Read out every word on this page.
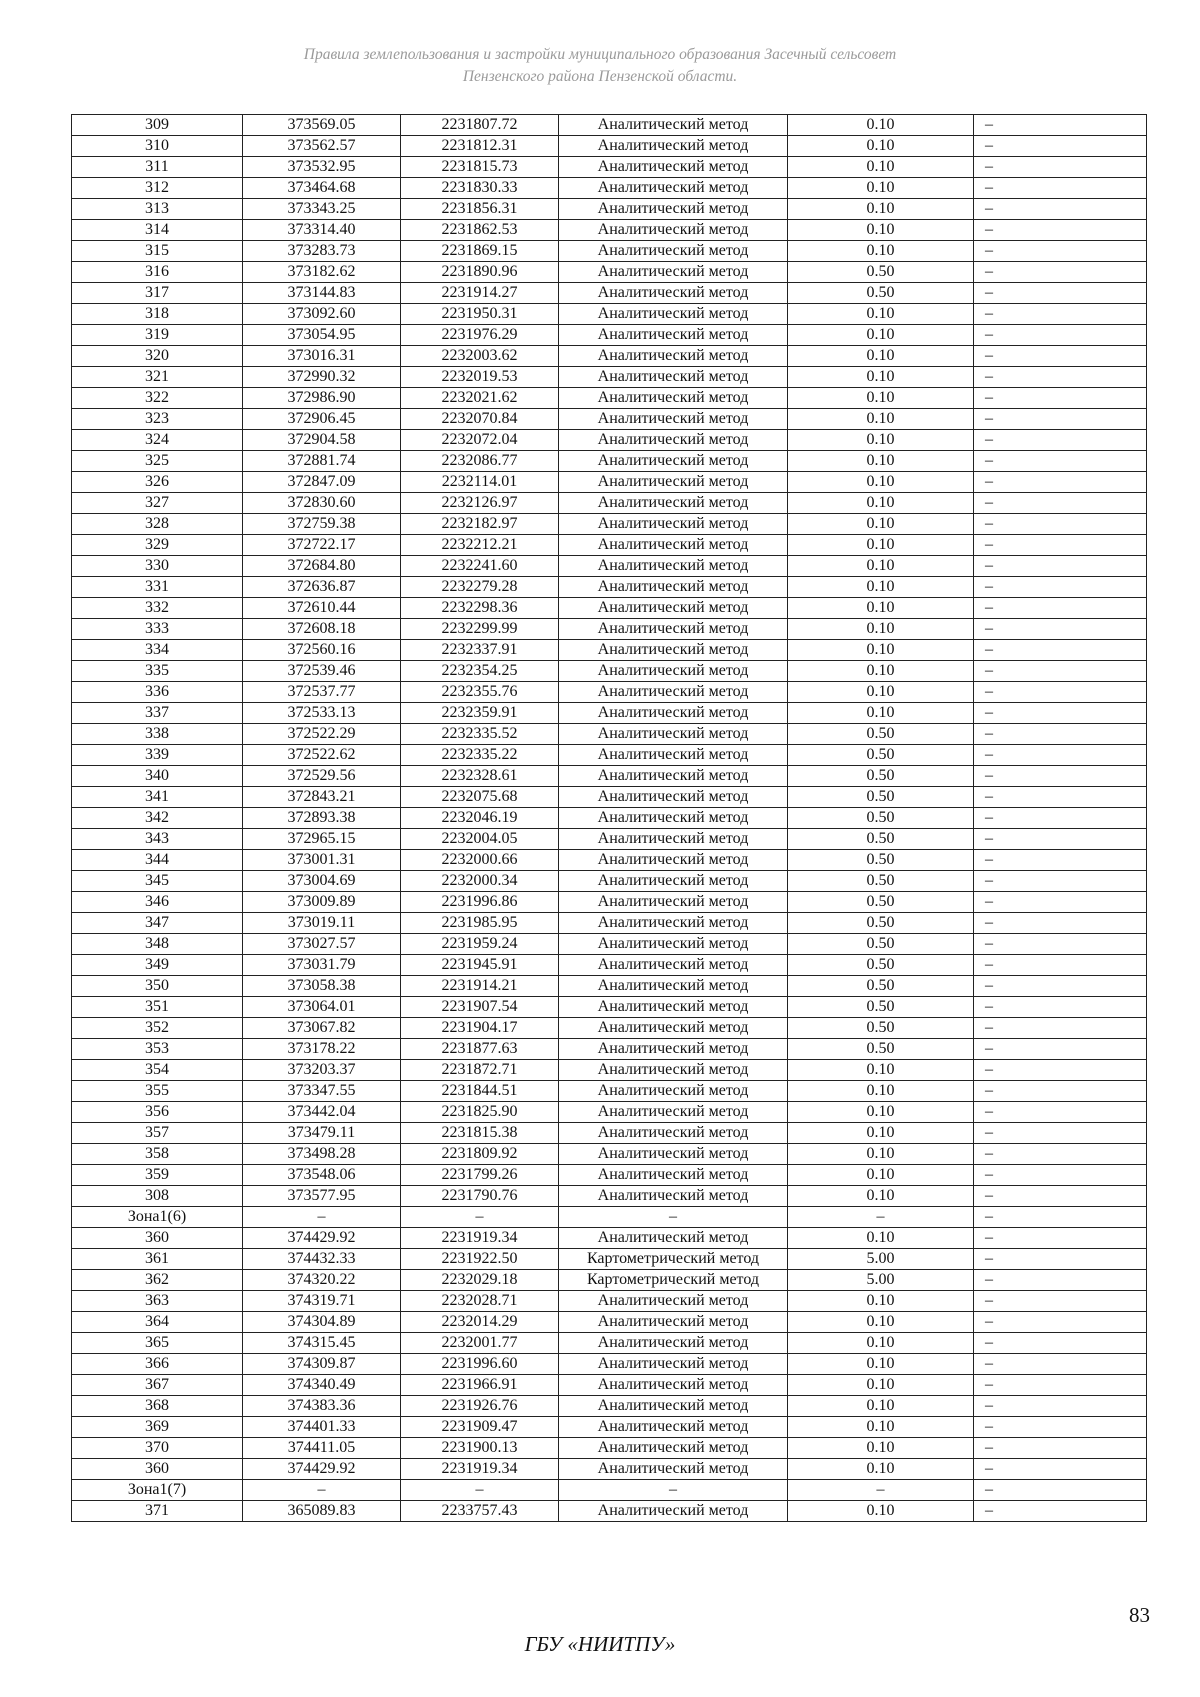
Правила землепользования и застройки муниципального образования Засечный сельсовет
Пензенского района Пензенской области.
309	373569.05	2231807.72	Аналитический метод	0.10	–
310	373562.57	2231812.31	Аналитический метод	0.10	–
311	373532.95	2231815.73	Аналитический метод	0.10	–
312	373464.68	2231830.33	Аналитический метод	0.10	–
313	373343.25	2231856.31	Аналитический метод	0.10	–
314	373314.40	2231862.53	Аналитический метод	0.10	–
315	373283.73	2231869.15	Аналитический метод	0.10	–
316	373182.62	2231890.96	Аналитический метод	0.50	–
317	373144.83	2231914.27	Аналитический метод	0.50	–
318	373092.60	2231950.31	Аналитический метод	0.10	–
319	373054.95	2231976.29	Аналитический метод	0.10	–
320	373016.31	2232003.62	Аналитический метод	0.10	–
321	372990.32	2232019.53	Аналитический метод	0.10	–
322	372986.90	2232021.62	Аналитический метод	0.10	–
323	372906.45	2232070.84	Аналитический метод	0.10	–
324	372904.58	2232072.04	Аналитический метод	0.10	–
325	372881.74	2232086.77	Аналитический метод	0.10	–
326	372847.09	2232114.01	Аналитический метод	0.10	–
327	372830.60	2232126.97	Аналитический метод	0.10	–
328	372759.38	2232182.97	Аналитический метод	0.10	–
329	372722.17	2232212.21	Аналитический метод	0.10	–
330	372684.80	2232241.60	Аналитический метод	0.10	–
331	372636.87	2232279.28	Аналитический метод	0.10	–
332	372610.44	2232298.36	Аналитический метод	0.10	–
333	372608.18	2232299.99	Аналитический метод	0.10	–
334	372560.16	2232337.91	Аналитический метод	0.10	–
335	372539.46	2232354.25	Аналитический метод	0.10	–
336	372537.77	2232355.76	Аналитический метод	0.10	–
337	372533.13	2232359.91	Аналитический метод	0.10	–
338	372522.29	2232335.52	Аналитический метод	0.50	–
339	372522.62	2232335.22	Аналитический метод	0.50	–
340	372529.56	2232328.61	Аналитический метод	0.50	–
341	372843.21	2232075.68	Аналитический метод	0.50	–
342	372893.38	2232046.19	Аналитический метод	0.50	–
343	372965.15	2232004.05	Аналитический метод	0.50	–
344	373001.31	2232000.66	Аналитический метод	0.50	–
345	373004.69	2232000.34	Аналитический метод	0.50	–
346	373009.89	2231996.86	Аналитический метод	0.50	–
347	373019.11	2231985.95	Аналитический метод	0.50	–
348	373027.57	2231959.24	Аналитический метод	0.50	–
349	373031.79	2231945.91	Аналитический метод	0.50	–
350	373058.38	2231914.21	Аналитический метод	0.50	–
351	373064.01	2231907.54	Аналитический метод	0.50	–
352	373067.82	2231904.17	Аналитический метод	0.50	–
353	373178.22	2231877.63	Аналитический метод	0.50	–
354	373203.37	2231872.71	Аналитический метод	0.10	–
355	373347.55	2231844.51	Аналитический метод	0.10	–
356	373442.04	2231825.90	Аналитический метод	0.10	–
357	373479.11	2231815.38	Аналитический метод	0.10	–
358	373498.28	2231809.92	Аналитический метод	0.10	–
359	373548.06	2231799.26	Аналитический метод	0.10	–
308	373577.95	2231790.76	Аналитический метод	0.10	–
Зона1(6)	–	–	–	–	–
360	374429.92	2231919.34	Аналитический метод	0.10	–
361	374432.33	2231922.50	Картометрический метод	5.00	–
362	374320.22	2232029.18	Картометрический метод	5.00	–
363	374319.71	2232028.71	Аналитический метод	0.10	–
364	374304.89	2232014.29	Аналитический метод	0.10	–
365	374315.45	2232001.77	Аналитический метод	0.10	–
366	374309.87	2231996.60	Аналитический метод	0.10	–
367	374340.49	2231966.91	Аналитический метод	0.10	–
368	374383.36	2231926.76	Аналитический метод	0.10	–
369	374401.33	2231909.47	Аналитический метод	0.10	–
370	374411.05	2231900.13	Аналитический метод	0.10	–
360	374429.92	2231919.34	Аналитический метод	0.10	–
Зона1(7)	–	–	–	–	–
371	365089.83	2233757.43	Аналитический метод	0.10	–
83
ГБУ «НИИТПУ»
